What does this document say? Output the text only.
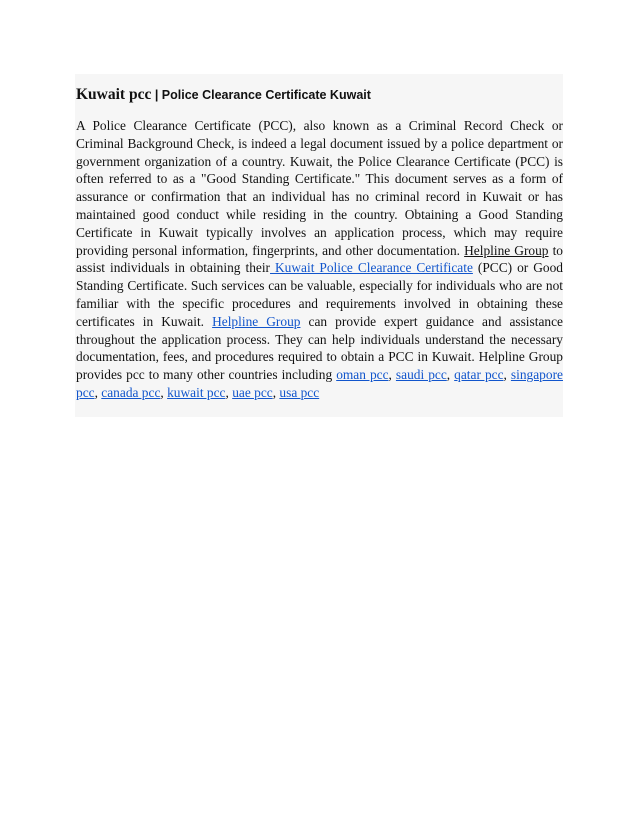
Kuwait pcc | Police Clearance Certificate Kuwait

A Police Clearance Certificate (PCC), also known as a Criminal Record Check or Criminal Background Check, is indeed a legal document issued by a police department or government organization of a country. Kuwait, the Police Clearance Certificate (PCC) is often referred to as a "Good Standing Certificate." This document serves as a form of assurance or confirmation that an individual has no criminal record in Kuwait or has maintained good conduct while residing in the country. Obtaining a Good Standing Certificate in Kuwait typically involves an application process, which may require providing personal information, fingerprints, and other documentation. Helpline Group to assist individuals in obtaining their Kuwait Police Clearance Certificate (PCC) or Good Standing Certificate. Such services can be valuable, especially for individuals who are not familiar with the specific procedures and requirements involved in obtaining these certificates in Kuwait. Helpline Group can provide expert guidance and assistance throughout the application process. They can help individuals understand the necessary documentation, fees, and procedures required to obtain a PCC in Kuwait. Helpline Group provides pcc to many other countries including oman pcc, saudi pcc, qatar pcc, singapore pcc, canada pcc, kuwait pcc, uae pcc, usa pcc
